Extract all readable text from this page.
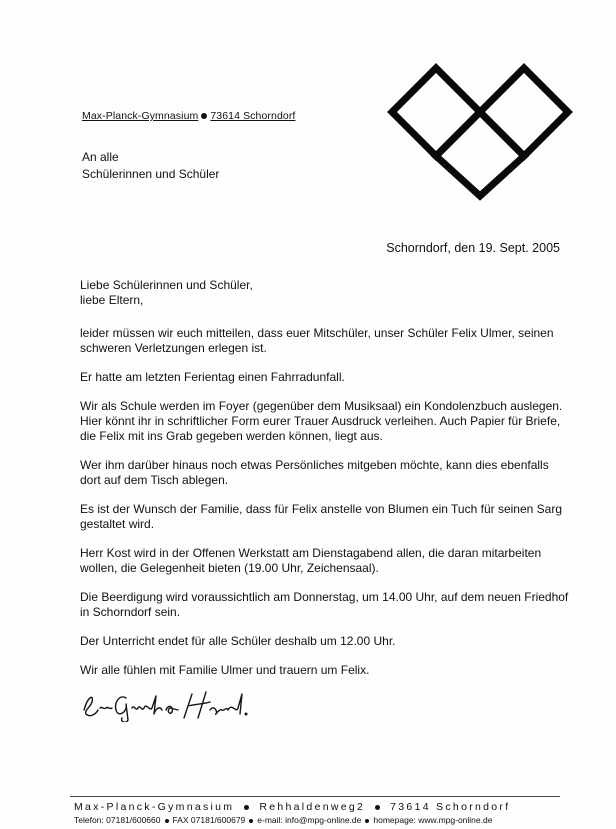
Max-Planck-Gymnasium 73614 Schorndorf
An alle
Schülerinnen und Schüler
Schorndorf, den 19. Sept. 2005

Liebe Schülerinnen und Schüler,
liebe Eltern,

leider müssen wir euch mitteilen, dass euer Mitschüler, unser Schüler Felix Ulmer, seinen schweren Verletzungen erlegen ist.

Er hatte am letzten Ferientag einen Fahrradunfall.

Wir als Schule werden im Foyer (gegenüber dem Musiksaal) ein Kondolenzbuch auslegen. Hier könnt ihr in schriftlicher Form eurer Trauer Ausdruck verleihen. Auch Papier für Briefe, die Felix mit ins Grab gegeben werden können, liegt aus.

Wer ihm darüber hinaus noch etwas Persönliches mitgeben möchte, kann dies ebenfalls dort auf dem Tisch ablegen.

Es ist der Wunsch der Familie, dass für Felix anstelle von Blumen ein Tuch für seinen Sarg gestaltet wird.

Herr Kost wird in der Offenen Werkstatt am Dienstagabend allen, die daran mitarbeiten wollen, die Gelegenheit bieten (19.00 Uhr, Zeichensaal).

Die Beerdigung wird voraussichtlich am Donnerstag, um 14.00 Uhr, auf dem neuen Friedhof in Schorndorf sein.

Der Unterricht endet für alle Schüler deshalb um 12.00 Uhr.

Wir alle fühlen mit Familie Ulmer und trauern um Felix.

Max-Planck-Gymnasium Rehhaldenweg2 73614 Schorndorf
Telefon: 07181/600660 FAX 07181/600679 e-mail: info@mpg-online.de homepage: www.mpg-online.de
